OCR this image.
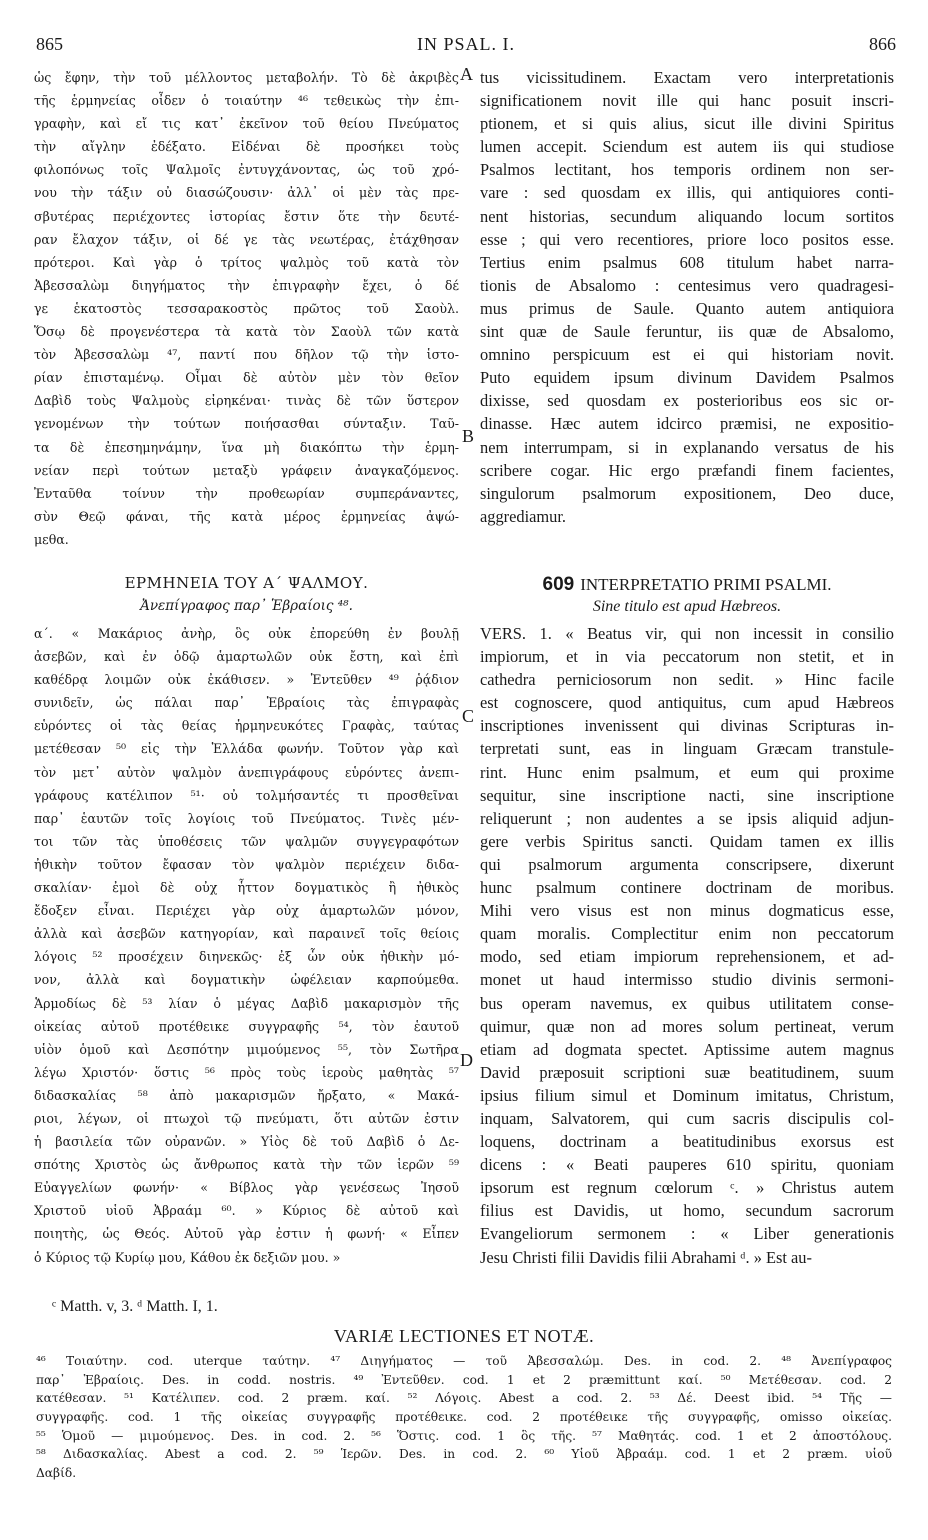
865	IN PSAL. I.	866
ὡς ἔφην, τὴν τοῦ μέλλοντος μεταβολήν. Τὸ δὲ ἀκριβὲς
τῆς ἑρμηνείας οἶδεν ὁ τοιαύτην ⁴⁶ τεθεικὼς τὴν ἐπι-
γραφὴν, καὶ εἴ τις κατ᾽ ἐκεῖνον τοῦ θείου Πνεύματος
τὴν αἴγλην ἐδέξατο. Εἰδέναι δὲ προσήκει τοὺς
φιλοπόνως τοῖς Ψαλμοῖς ἐντυγχάνοντας, ὡς τοῦ χρό-
νου τὴν τάξιν οὐ διασώζουσιν· ἀλλ᾽ οἱ μὲν τὰς πρε-
σβυτέρας περιέχοντες ἱστορίας ἔστιν ὅτε τὴν δευτέ-
ραν ἔλαχον τάξιν, οἱ δέ γε τὰς νεωτέρας, ἐτάχθησαν
πρότεροι. Καὶ γὰρ ὁ τρίτος ψαλμὸς τοῦ κατὰ τὸν
Ἀβεσσαλὼμ διηγήματος τὴν ἐπιγραφὴν ἔχει, ὁ δέ
γε ἑκατοστὸς τεσσαρακοστὸς πρῶτος τοῦ Σαοὺλ.
Ὅσῳ δὲ προγενέστερα τὰ κατὰ τὸν Σαοὺλ τῶν κατὰ
τὸν Ἀβεσσαλὼμ ⁴⁷, παντί που δῆλον τῷ τὴν ἱστο-
ρίαν ἐπισταμένῳ. Οἶμαι δὲ αὐτὸν μὲν τὸν θεῖον
Δαβὶδ τοὺς Ψαλμοὺς εἰρηκέναι· τινὰς δὲ τῶν ὕστερον
γενομένων τὴν τούτων ποιήσασθαι σύνταξιν. Ταῦ-
τα δὲ ἐπεσημηνάμην, ἵνα μὴ διακόπτω τὴν ἑρμη-
νείαν περὶ τούτων μεταξὺ γράφειν ἀναγκαζόμενος.
Ἐνταῦθα τοίνυν τὴν προθεωρίαν συμπεράναντες,
σὺν Θεῷ φάναι, τῆς κατὰ μέρος ἑρμηνείας ἀψώ-
μεθα.
tus vicissitudinem. Exactam vero interpretationis
significationem novit ille qui hanc posuit inscri-
ptionem, et si quis alius, sicut ille divini Spiritus
lumen accepit. Sciendum est autem iis qui studiose
Psalmos lectitant, hos temporis ordinem non ser-
vare : sed quosdam ex illis, qui antiquiores conti-
nent historias, secundum aliquando locum sortitos
esse ; qui vero recentiores, priore loco positos esse.
Tertius enim psalmus 608 titulum habet narra-
tionis de Absalomo : centesimus vero quadragesi-
mus primus de Saule. Quanto autem antiquiora
sint quæ de Saule feruntur, iis quæ de Absalomo,
omnino perspicuum est ei qui historiam novit.
Puto equidem ipsum divinum Davidem Psalmos
dixisse, sed quosdam ex posterioribus eos sic or-
dinasse. Hæc autem idcirco præmisi, ne expositio-
nem interrumpam, si in explanando versatus de his
scribere cogar. Hic ergo præfandi finem facientes,
singulorum psalmorum expositionem, Deo duce,
aggrediamur.
ΕΡΜΗΝΕΙΑ ΤΟΥ Α´ ΨΑΛΜΟΥ.
Ἀνεπίγραφος παρ᾽ Ἑβραίοις ⁴⁸.
609 INTERPRETATIO PRIMI PSALMI.
Sine titulo est apud Hæbreos.
α΄. « Μακάριος ἀνὴρ, ὃς οὐκ ἐπορεύθη ἐν βουλῇ
ἀσεβῶν, καὶ ἐν ὁδῷ ἁμαρτωλῶν οὐκ ἔστη, καὶ ἐπὶ
καθέδρᾳ λοιμῶν οὐκ ἐκάθισεν. » Ἐντεῦθεν ⁴⁹ ῥᾴδιον
συνιδεῖν, ὡς πάλαι παρ᾽ Ἑβραίοις τὰς ἐπιγραφὰς
εὑρόντες οἱ τὰς θείας ἡρμηνευκότες Γραφὰς, ταύτας
μετέθεσαν ⁵⁰ εἰς τὴν Ἑλλάδα φωνήν. Τοῦτον γὰρ καὶ
τὸν μετ᾽ αὐτὸν ψαλμὸν ἀνεπιγράφους εὑρόντες ἀνεπι-
γράφους κατέλιπον ⁵¹· οὐ τολμήσαντές τι προσθεῖναι
παρ᾽ ἑαυτῶν τοῖς λογίοις τοῦ Πνεύματος. Τινὲς μέν-
τοι τῶν τὰς ὑποθέσεις τῶν ψαλμῶν συγγεγραφότων
ἠθικὴν τοῦτον ἔφασαν τὸν ψαλμὸν περιέχειν διδα-
σκαλίαν· ἐμοὶ δὲ οὐχ ἧττον δογματικὸς ἢ ἠθικὸς
ἔδοξεν εἶναι. Περιέχει γὰρ οὐχ ἁμαρτωλῶν μόνον,
ἀλλὰ καὶ ἀσεβῶν κατηγορίαν, καὶ παραινεῖ τοῖς θείοις
λόγοις ⁵² προσέχειν διηνεκῶς· ἐξ ὧν οὐκ ἠθικὴν μό-
νον, ἀλλὰ καὶ δογματικὴν ὠφέλειαν καρπούμεθα.
Ἁρμοδίως δὲ ⁵³ λίαν ὁ μέγας Δαβὶδ μακαρισμὸν τῆς
οἰκείας αὐτοῦ προτέθεικε συγγραφῆς ⁵⁴, τὸν ἑαυτοῦ
υἱὸν ὁμοῦ καὶ Δεσπότην μιμούμενος ⁵⁵, τὸν Σωτῆρα
λέγω Χριστόν· ὅστις ⁵⁶ πρὸς τοὺς ἱεροὺς μαθητὰς ⁵⁷
διδασκαλίας ⁵⁸ ἀπὸ μακαρισμῶν ἤρξατο, « Μακά-
ριοι, λέγων, οἱ πτωχοὶ τῷ πνεύματι, ὅτι αὐτῶν ἐστιν
ἡ βασιλεία τῶν οὐρανῶν. » Υἱὸς δὲ τοῦ Δαβὶδ ὁ Δε-
σπότης Χριστὸς ὡς ἄνθρωπος κατὰ τὴν τῶν ἱερῶν ⁵⁹
Εὐαγγελίων φωνήν· « Βίβλος γὰρ γενέσεως Ἰησοῦ
Χριστοῦ υἱοῦ Ἀβραάμ ⁶⁰. » Κύριος δὲ αὐτοῦ καὶ
ποιητὴς, ὡς Θεός. Αὐτοῦ γὰρ ἐστιν ἡ φωνή· « Εἶπεν
ὁ Κύριος τῷ Κυρίῳ μου, Κάθου ἐκ δεξιῶν μου. »
VERS. 1. « Beatus vir, qui non incessit in consilio
impiorum, et in via peccatorum non stetit, et in
cathedra perniciosorum non sedit. » Hinc facile
est cognoscere, quod antiquitus, cum apud Hæbreos
inscriptiones invenissent qui divinas Scripturas in-
terpretati sunt, eas in linguam Græcam transtule-
rint. Hunc enim psalmum, et eum qui proxime
sequitur, sine inscriptione nacti, sine inscriptione
reliquerunt ; non audentes a se ipsis aliquid adjun-
gere verbis Spiritus sancti. Quidam tamen ex illis
qui psalmorum argumenta conscripsere, dixerunt
hunc psalmum continere doctrinam de moribus.
Mihi vero visus est non minus dogmaticus esse,
quam moralis. Complectitur enim non peccatorum
modo, sed etiam impiorum reprehensionem, et ad-
monet ut haud intermisso studio divinis sermoni-
bus operam navemus, ex quibus utilitatem conse-
quimur, quæ non ad mores solum pertineat, verum
etiam ad dogmata spectet. Aptissime autem magnus
David præposuit scriptioni suæ beatitudinem, suum
ipsius filium simul et Dominum imitatus, Christum,
inquam, Salvatorem, qui cum sacris discipulis col-
loquens, doctrinam a beatitudinibus exorsus est
dicens : « Beati pauperes 610 spiritu, quoniam
ipsorum est regnum cœlorum ᶜ. » Christus autem
filius est Davidis, ut homo, secundum sacrorum
Evangeliorum sermonem : « Liber generationis
Jesu Christi filii Davidis filii Abrahami ᵈ. » Est au-
A
B
C
D
ᶜ Matth. v, 3. ᵈ Matth. I, 1.
VARIÆ LECTIONES ET NOTÆ.
⁴⁶ Τοιαύτην. cod. uterque ταύτην. ⁴⁷ Διηγήματος — τοῦ Ἀβεσσαλώμ. Des. in cod. 2. ⁴⁸ Ἀνεπίγραφος
παρ᾽ Ἑβραίοις. Des. in codd. nostris. ⁴⁹ Ἐντεῦθεν. cod. 1 et 2 præmittunt καί. ⁵⁰ Μετέθεσαν. cod. 2
κατέθεσαν. ⁵¹ Κατέλιπεν. cod. 2 præm. καί. ⁵² Λόγοις. Abest a cod. 2. ⁵³ Δέ. Deest ibid. ⁵⁴ Τῆς —
συγγραφῆς. cod. 1 τῆς οἰκείας συγγραφῆς προτέθεικε. cod. 2 προτέθεικε τῆς συγγραφῆς, omisso οἰκείας.
⁵⁵ Ὁμοῦ — μιμούμενος. Des. in cod. 2. ⁵⁶ Ὅστις. cod. 1 ὃς τῆς. ⁵⁷ Μαθητάς. cod. 1 et 2 ἀποστόλους.
⁵⁸ Διδασκαλίας. Abest a cod. 2. ⁵⁹ Ἱερῶν. Des. in cod. 2. ⁶⁰ Υἱοῦ Ἀβραάμ. cod. 1 et 2 præm. υἱοῦ
Δαβίδ.
